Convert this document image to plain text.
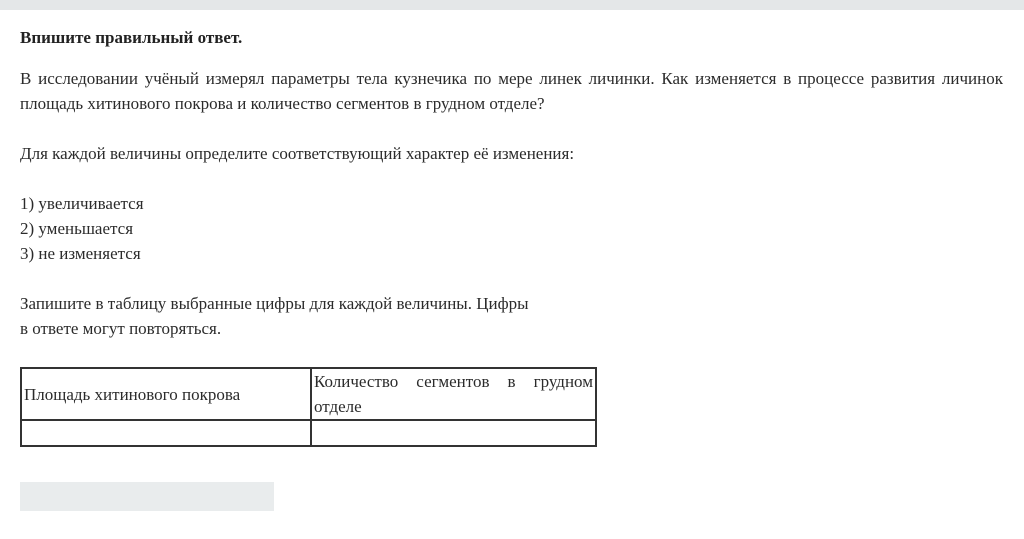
Впишите правильный ответ.

В исследовании учёный измерял параметры тела кузнечика по мере линек личинки. Как изменяется в процессе развития личинок площадь хитинового покрова и количество сегментов в грудном отделе?

Для каждой величины определите соответствующий характер её изменения:

1) увеличивается

2) уменьшается

3) не изменяется

Запишите в таблицу выбранные цифры для каждой величины. Цифры
в ответе могут повторяться.

Площадь хитинового покрова	Количество сегментов в грудном отделе
